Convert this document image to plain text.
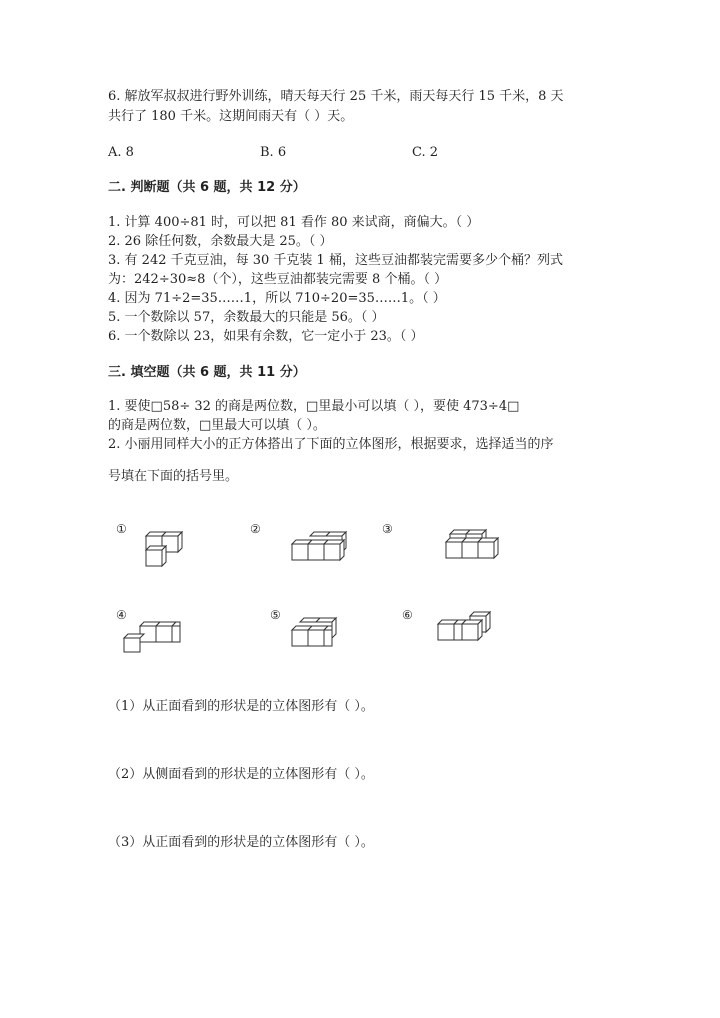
6. 解放军叔叔进行野外训练，晴天每天行 25 千米，雨天每天行 15 千米，8 天
共行了 180 千米。这期间雨天有（ ）天。
A. 8	B. 6	C. 2
二. 判断题（共 6 题，共 12 分）
1. 计算 400÷81 时，可以把 81 看作 80 来试商，商偏大。（ ）
2. 26 除任何数，余数最大是 25。（ ）
3. 有 242 千克豆油，每 30 千克装 1 桶，这些豆油都装完需要多少个桶？列式
为：242÷30≈8（个），这些豆油都装完需要 8 个桶。（ ）
4. 因为 71÷2=35……1，所以 710÷20=35……1。（ ）
5. 一个数除以 57，余数最大的只能是 56。（ ）
6. 一个数除以 23，如果有余数，它一定小于 23。（ ）
三. 填空题（共 6 题，共 11 分）
1. 要使□58÷ 32 的商是两位数，□里最小可以填（ ），要使 473÷4□
的商是两位数，□里最大可以填（ ）。
2. 小丽用同样大小的正方体搭出了下面的立体图形，根据要求，选择适当的序
号填在下面的括号里。
①	②	③
④	⑤	⑥
（1）从正面看到的形状是的立体图形有（ ）。
（2）从侧面看到的形状是的立体图形有（ ）。
（3）从正面看到的形状是的立体图形有（ ）。
